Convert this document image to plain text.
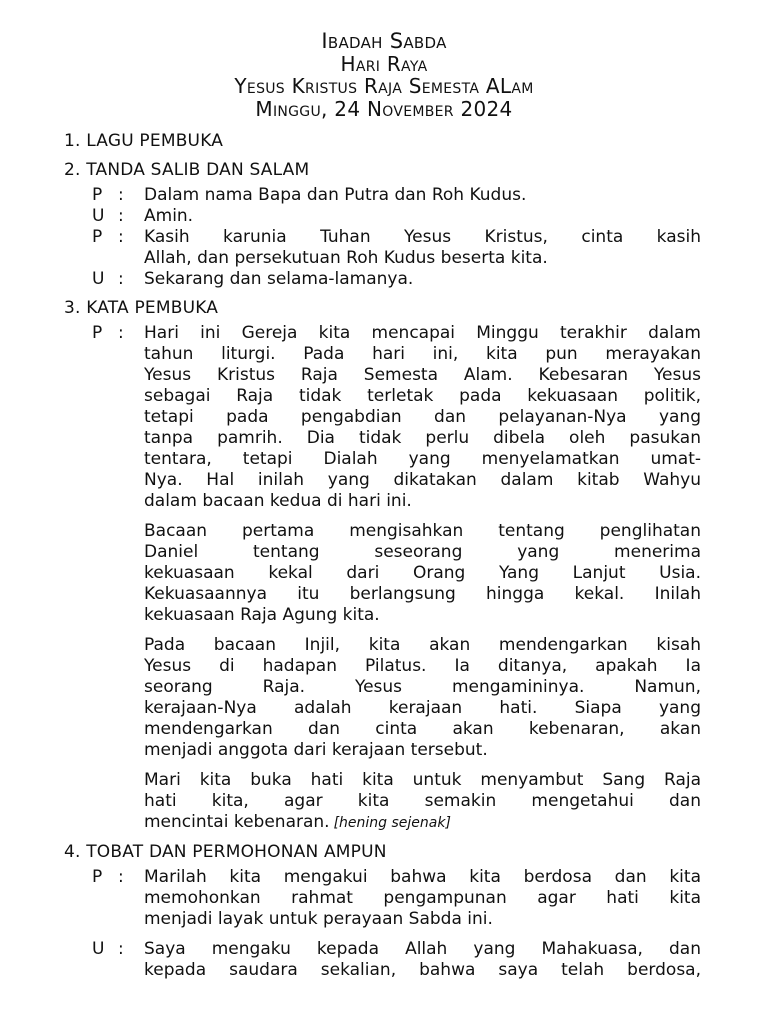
Ibadah Sabda
Hari Raya
Yesus Kristus Raja Semesta ALam
Minggu, 24 November 2024
1. LAGU PEMBUKA
2. TANDA SALIB DAN SALAM
P :	Dalam nama Bapa dan Putra dan Roh Kudus.
U :	Amin.
P :	Kasih karunia Tuhan Yesus Kristus, cinta kasih
Allah, dan persekutuan Roh Kudus beserta kita.
U :	Sekarang dan selama-lamanya.
3. KATA PEMBUKA
P :	Hari ini Gereja kita mencapai Minggu terakhir dalam
tahun liturgi. Pada hari ini, kita pun merayakan
Yesus Kristus Raja Semesta Alam. Kebesaran Yesus
sebagai Raja tidak terletak pada kekuasaan politik,
tetapi pada pengabdian dan pelayanan-Nya yang
tanpa pamrih. Dia tidak perlu dibela oleh pasukan
tentara, tetapi Dialah yang menyelamatkan umat-
Nya. Hal inilah yang dikatakan dalam kitab Wahyu
dalam bacaan kedua di hari ini.
Bacaan pertama mengisahkan tentang penglihatan
Daniel tentang seseorang yang menerima
kekuasaan kekal dari Orang Yang Lanjut Usia.
Kekuasaannya itu berlangsung hingga kekal. Inilah
kekuasaan Raja Agung kita.
Pada bacaan Injil, kita akan mendengarkan kisah
Yesus di hadapan Pilatus. Ia ditanya, apakah Ia
seorang Raja. Yesus mengamininya. Namun,
kerajaan-Nya adalah kerajaan hati. Siapa yang
mendengarkan dan cinta akan kebenaran, akan
menjadi anggota dari kerajaan tersebut.
Mari kita buka hati kita untuk menyambut Sang Raja
hati kita, agar kita semakin mengetahui dan
mencintai kebenaran. [hening sejenak]
4. TOBAT DAN PERMOHONAN AMPUN
P :	Marilah kita mengakui bahwa kita berdosa dan kita
memohonkan rahmat pengampunan agar hati kita
menjadi layak untuk perayaan Sabda ini.
U :	Saya mengaku kepada Allah yang Mahakuasa, dan
kepada saudara sekalian, bahwa saya telah berdosa,
